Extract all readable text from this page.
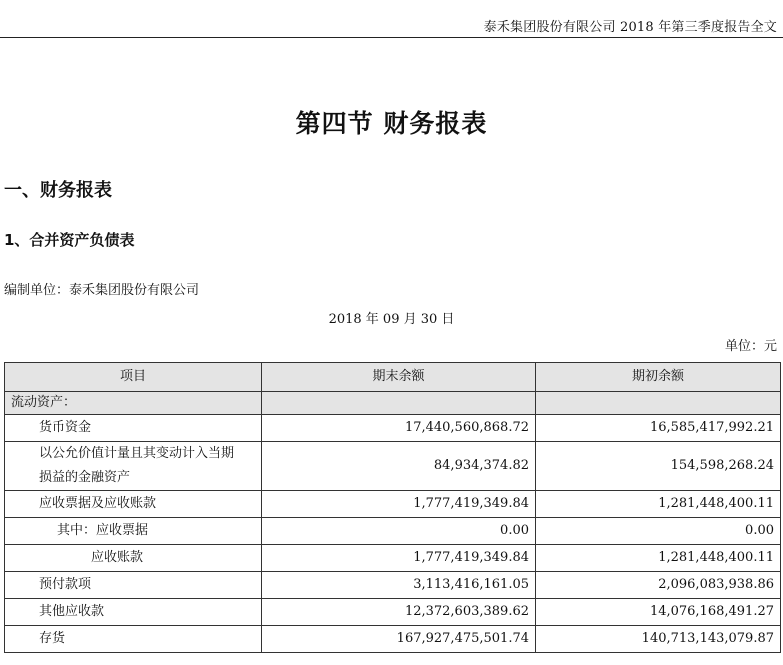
泰禾集团股份有限公司 2018 年第三季度报告全文
第四节 财务报表
一、财务报表
1、合并资产负债表
编制单位：泰禾集团股份有限公司
2018 年 09 月 30 日
单位：元
项目	期末余额	期初余额
流动资产：		
货币资金	17,440,560,868.72	16,585,417,992.21

以公允价值计量且其变动计入当期损益的金融资产	84,934,374.82	154,598,268.24
应收票据及应收账款	1,777,419,349.84	1,281,448,400.11
其中：应收票据	0.00	0.00
应收账款	1,777,419,349.84	1,281,448,400.11
预付款项	3,113,416,161.05	2,096,083,938.86
其他应收款	12,372,603,389.62	14,076,168,491.27
存货	167,927,475,501.74	140,713,143,079.87
